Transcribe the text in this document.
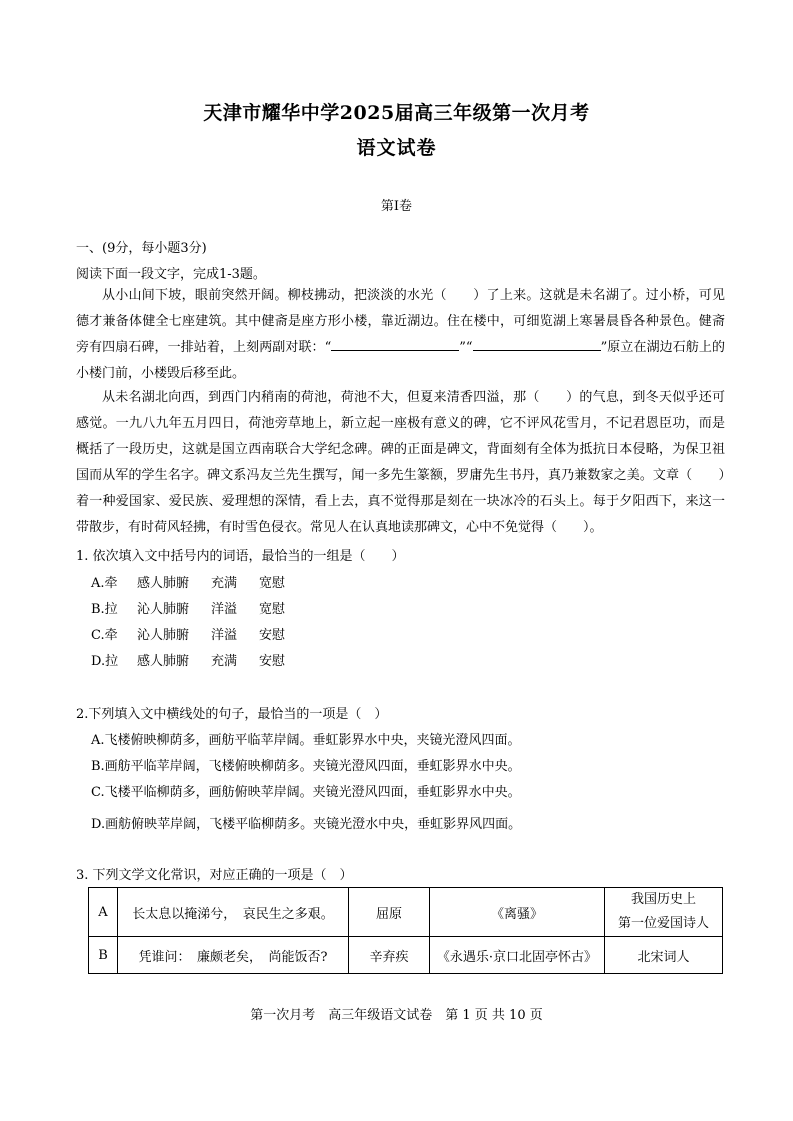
天津市耀华中学2025届高三年级第一次月考
语文试卷
第I卷
一、(9分，每小题3分)
阅读下面一段文字，完成1-3题。

从小山间下坡，眼前突然开阔。柳枝拂动，把淡淡的水光（　　）了上来。这就是未名湖了。过小桥，可见德才兼备体健全七座建筑。其中健斋是座方形小楼，靠近湖边。住在楼中，可细览湖上寒暑晨昏各种景色。健斋旁有四扇石碑，一排站着，上刻两副对联：“	”“	”原立在湖边石舫上的小楼门前，小楼毁后移至此。

从未名湖北向西，到西门内稍南的荷池，荷池不大，但夏来清香四溢，那（　　）的气息，到冬天似乎还可感觉。一九八九年五月四日，荷池旁草地上，新立起一座极有意义的碑，它不评风花雪月，不记君恩臣功，而是概括了一段历史，这就是国立西南联合大学纪念碑。碑的正面是碑文，背面刻有全体为抵抗日本侵略，为保卫祖国而从军的学生名字。碑文系冯友兰先生撰写，闻一多先生篆额，罗庸先生书丹，真乃兼数家之美。文章（　　）着一种爱国家、爱民族、爱理想的深情，看上去，真不觉得那是刻在一块冰冷的石头上。每于夕阳西下，来这一带散步，有时荷风轻拂，有时雪色侵衣。常见人在认真地读那碑文，心中不免觉得（　　）。

1. 依次填入文中括号内的词语，最恰当的一组是（　　）
A.牵 感人肺腑 充满 宽慰
B.拉 沁人肺腑 洋溢 宽慰
C.牵 沁人肺腑 洋溢 安慰
D.拉 感人肺腑 充满 安慰
2.下列填入文中横线处的句子，最恰当的一项是（　）
A.飞楼俯映柳荫多，画舫平临苹岸阔。垂虹影界水中央，夹镜光澄风四面。
B.画舫平临苹岸阔，飞楼俯映柳荫多。夹镜光澄风四面，垂虹影界水中央。
C.飞楼平临柳荫多，画舫俯映苹岸阔。夹镜光澄风四面，垂虹影界水中央。
D.画舫俯映苹岸阔，飞楼平临柳荫多。夹镜光澄水中央，垂虹影界风四面。
3. 下列文学文化常识，对应正确的一项是（　）
A	长太息以掩涕兮，　哀民生之多艰。	屈原	《离骚》	我国历史上
第一位爱国诗人

B	凭谁问：　廉颇老矣，　尚能饭否?	辛弃疾	《永遇乐·京口北固亭怀古》	北宋词人
第一次月考　高三年级语文试卷　第 1 页 共 10 页
